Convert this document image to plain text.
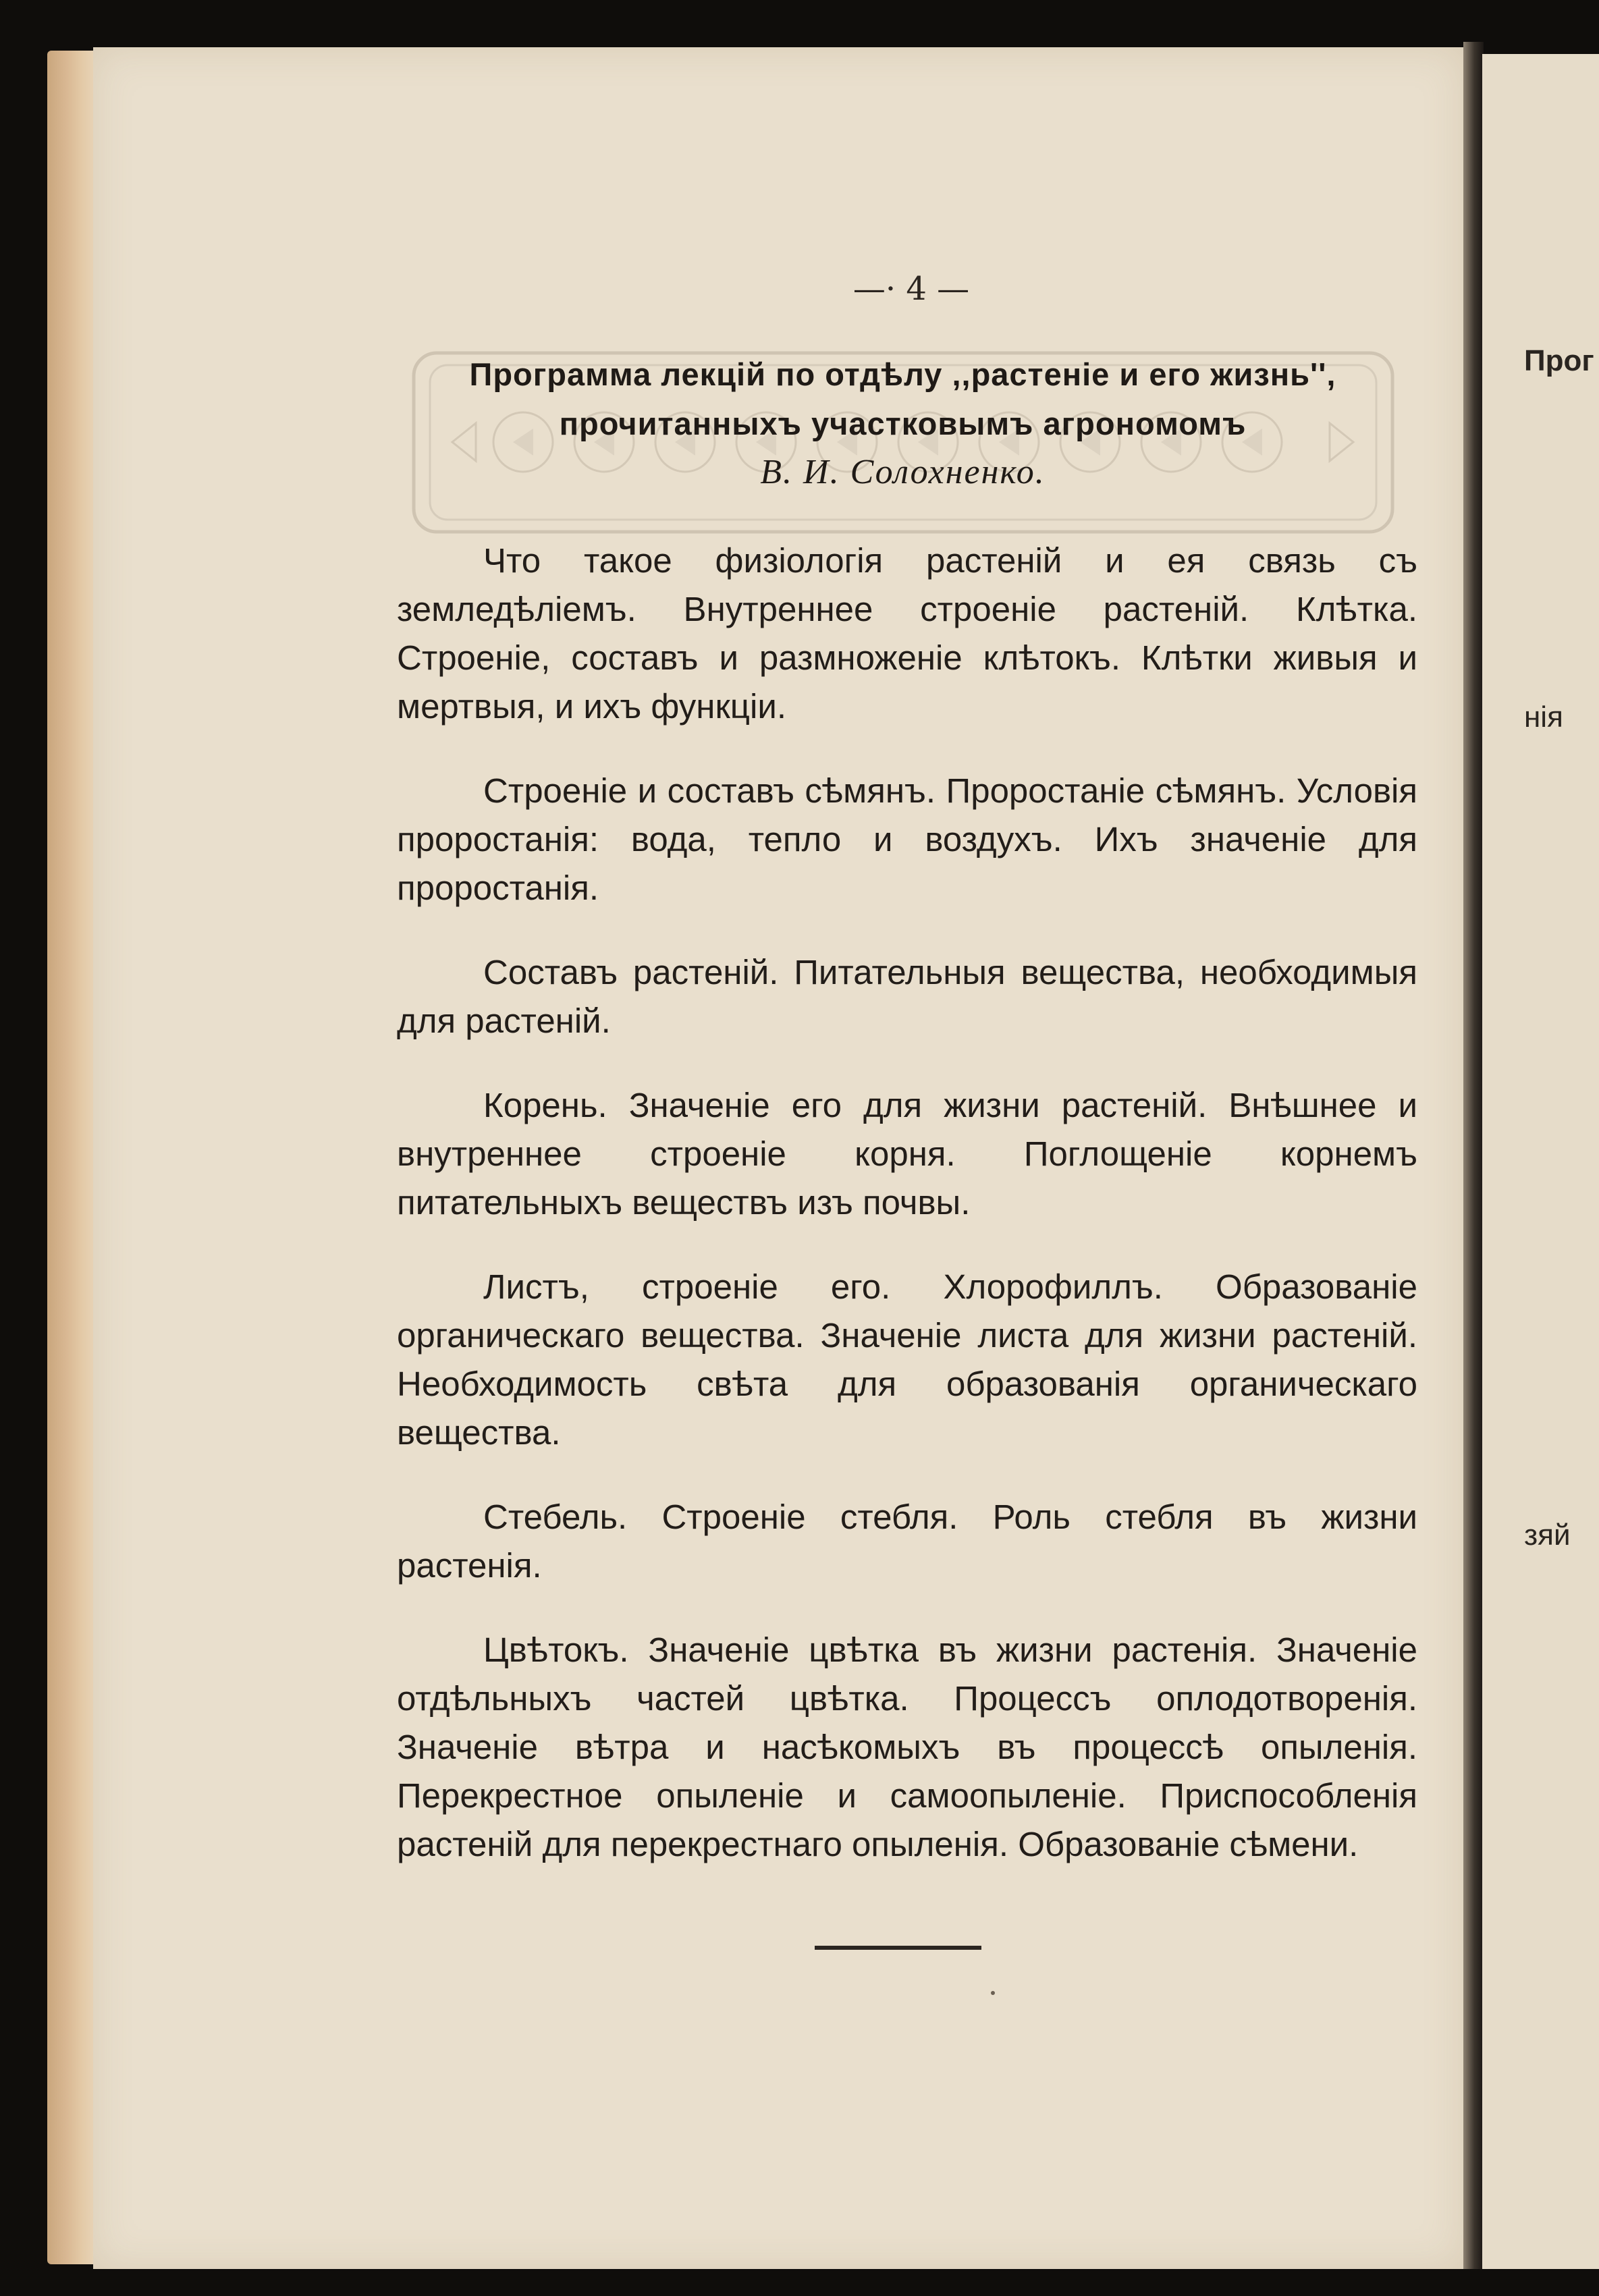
—· 4 —
Программа лекцій по отдѣлу ,,растеніе и его жизнь'',
прочитанныхъ участковымъ агрономомъ
В. И. Солохненко.

Что такое физіологія растеній и ея связь съ земледѣліемъ. Внутреннее строеніе растеній. Клѣтка. Строеніе, составъ и размноженіе клѣтокъ. Клѣтки живыя и мертвыя, и ихъ функціи.

Строеніе и составъ сѣмянъ. Проростаніе сѣмянъ. Условія проростанія: вода, тепло и воздухъ. Ихъ значеніе для проростанія.

Составъ растеній. Питательныя вещества, необходимыя для растеній.

Корень. Значеніе его для жизни растеній. Внѣшнее и внутреннее строеніе корня. Поглощеніе корнемъ питательныхъ веществъ изъ почвы.

Листъ, строеніе его. Хлорофиллъ. Образованіе органическаго вещества. Значеніе листа для жизни растеній. Необходимость свѣта для образованія органическаго вещества.

Стебель. Строеніе стебля. Роль стебля въ жизни растенія.

Цвѣтокъ. Значеніе цвѣтка въ жизни растенія. Значеніе отдѣльныхъ частей цвѣтка. Процессъ оплодотворенія. Значеніе вѣтра и насѣкомыхъ въ процессѣ опыленія. Перекрестное опыленіе и самоопыленіе. Приспособленія растеній для перекрестнаго опыленія. Образованіе сѣмени.

Прог
нія
зяй
